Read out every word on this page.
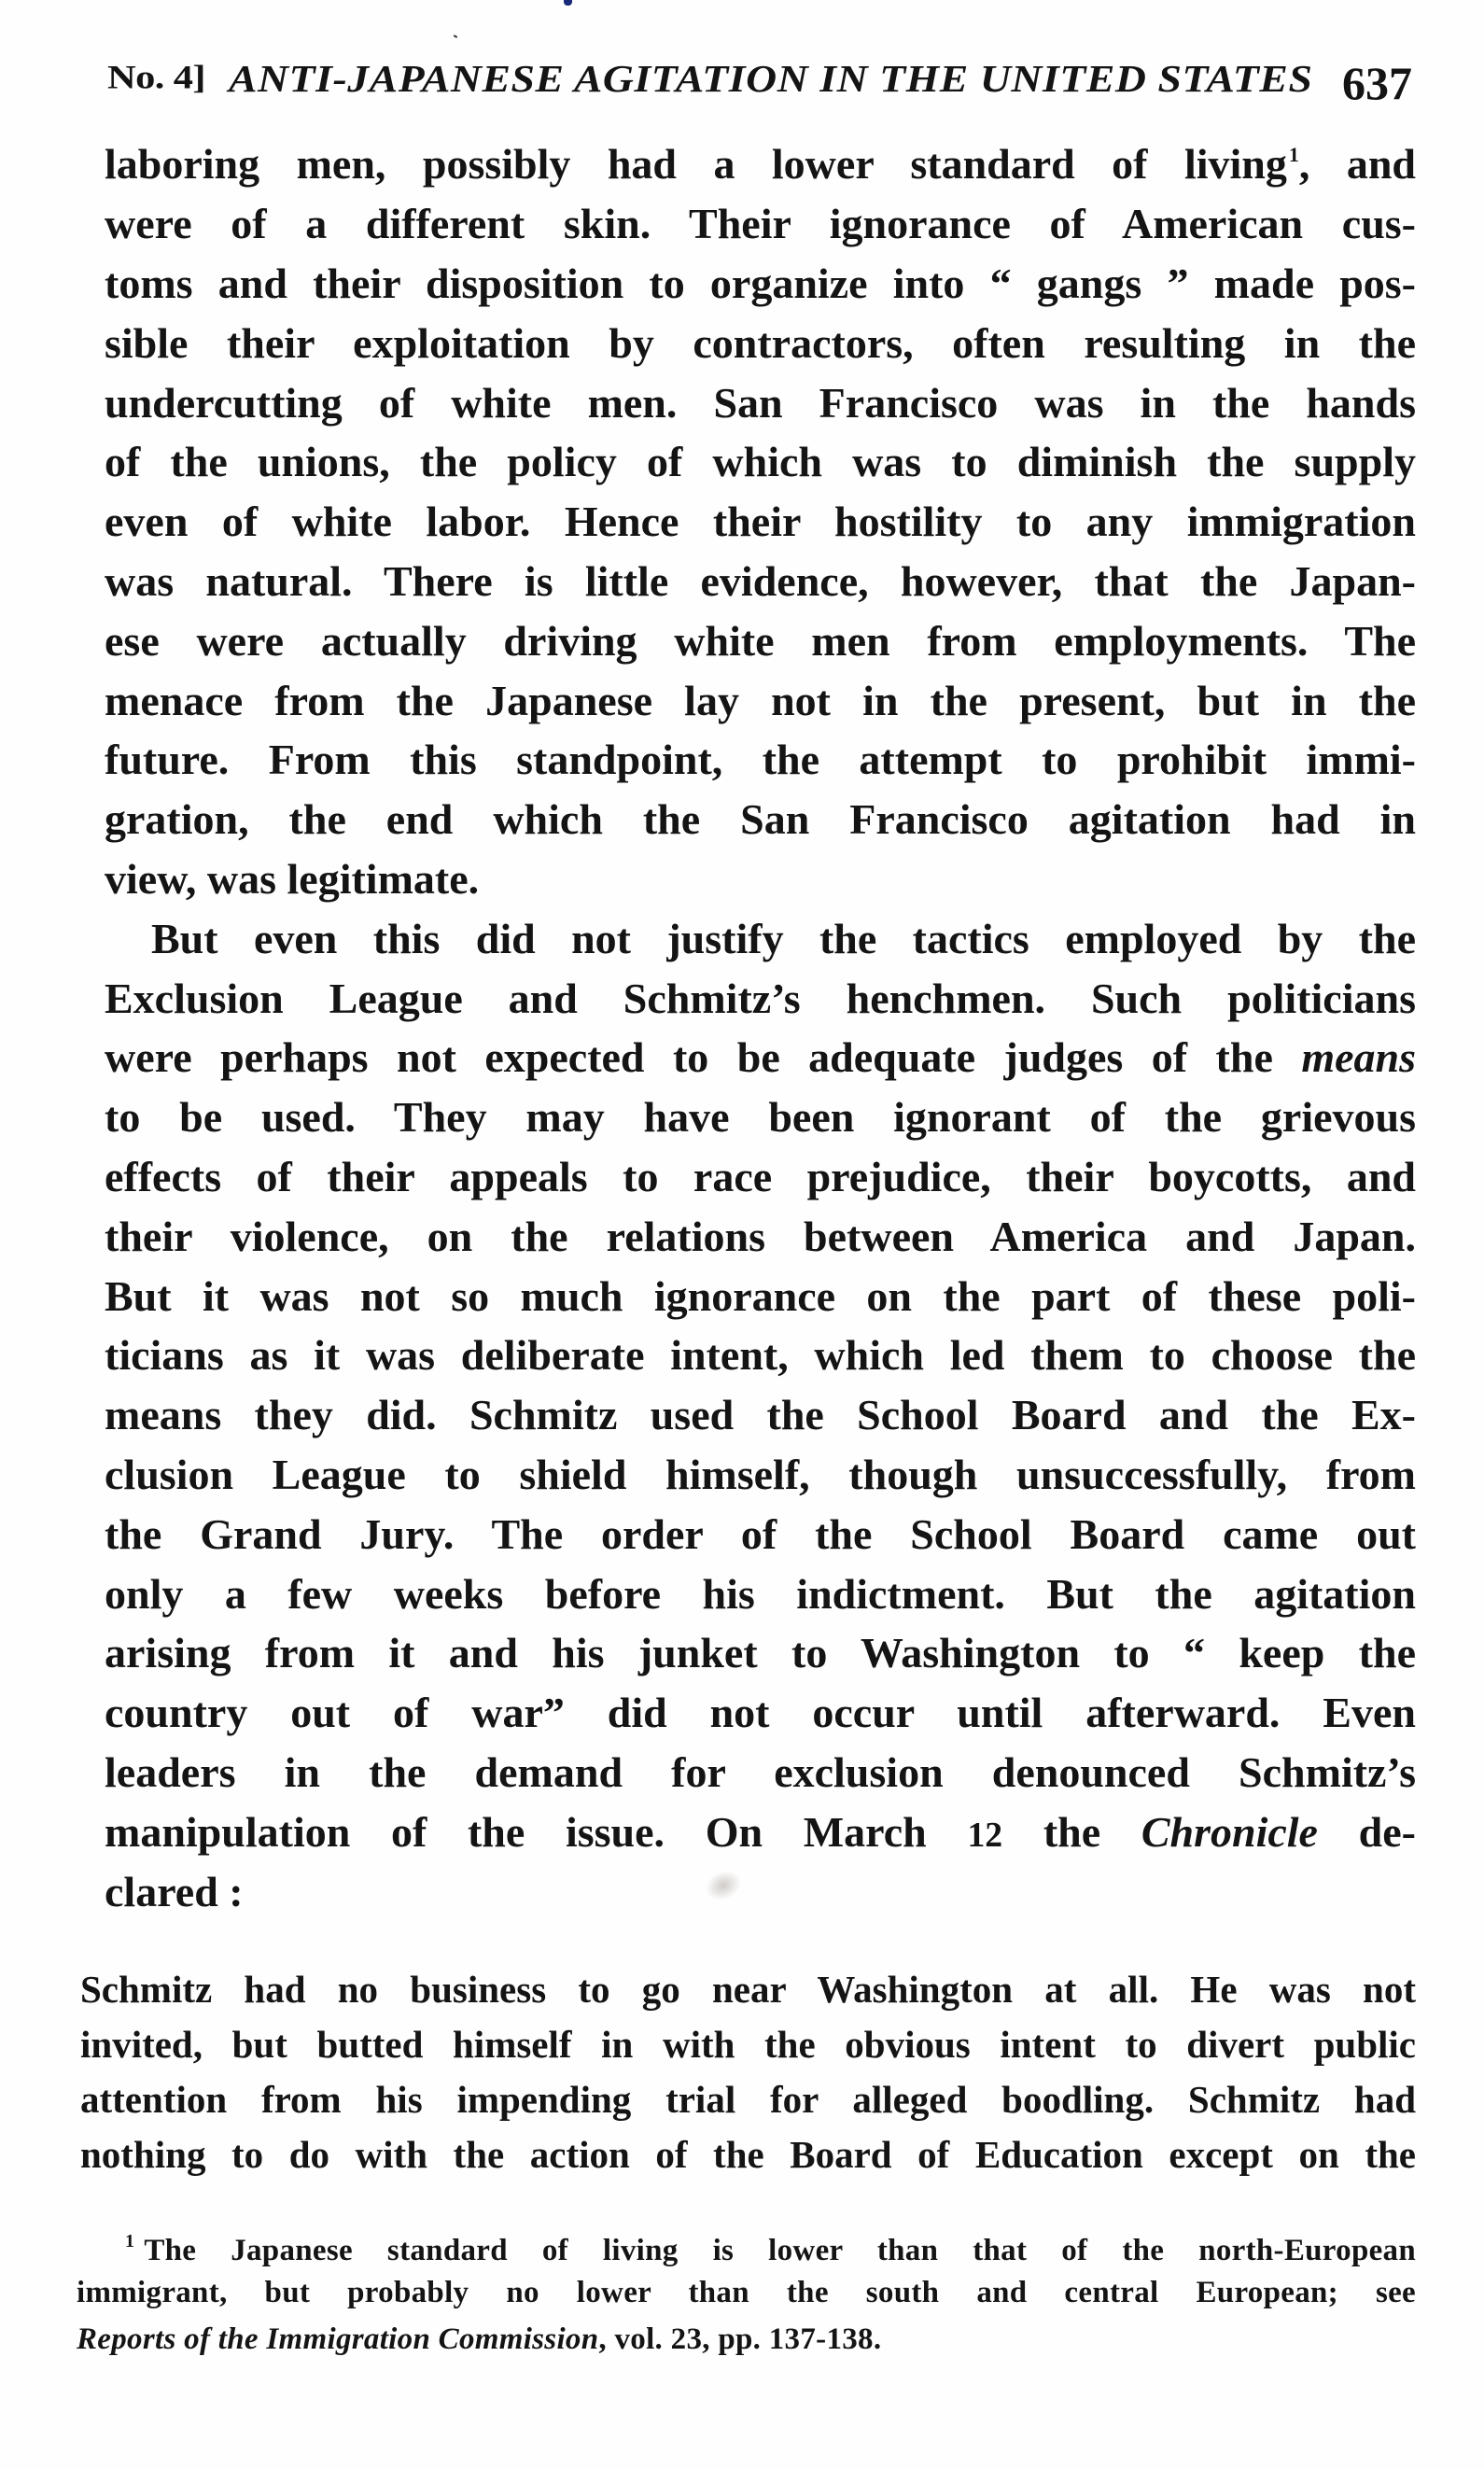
No. 4] ANTI-JAPANESE AGITATION IN THE UNITED STATES 637
laboring men, possibly had a lower standard of living$^1$, and
were of a different skin. Their ignorance of American cus-
toms and their disposition to organize into “ gangs ” made pos-
sible their exploitation by contractors, often resulting in the
undercutting of white men. San Francisco was in the hands
of the unions, the policy of which was to diminish the supply
even of white labor. Hence their hostility to any immigration
was natural. There is little evidence, however, that the Japan-
ese were actually driving white men from employments. The
menace from the Japanese lay not in the present, but in the
future. From this standpoint, the attempt to prohibit immi-
gration, the end which the San Francisco agitation had in
view, was legitimate.
But even this did not justify the tactics employed by the
Exclusion League and Schmitz’s henchmen. Such politicians
were perhaps not expected to be adequate judges of the means
to be used. They may have been ignorant of the grievous
effects of their appeals to race prejudice, their boycotts, and
their violence, on the relations between America and Japan.
But it was not so much ignorance on the part of these poli-
ticians as it was deliberate intent, which led them to choose the
means they did. Schmitz used the School Board and the Ex-
clusion League to shield himself, though unsuccessfully, from
the Grand Jury. The order of the School Board came out
only a few weeks before his indictment. But the agitation
arising from it and his junket to Washington to “ keep the
country out of war” did not occur until afterward. Even
leaders in the demand for exclusion denounced Schmitz’s
manipulation of the issue. On March 12 the Chronicle de-
clared :
Schmitz had no business to go near Washington at all. He was not
invited, but butted himself in with the obvious intent to divert public
attention from his impending trial for alleged boodling. Schmitz had
nothing to do with the action of the Board of Education except on the
$^1$ The Japanese standard of living is lower than that of the north-European
immigrant, but probably no lower than the south and central European; see
Reports of the Immigration Commission, vol. 23, pp. 137-138.
